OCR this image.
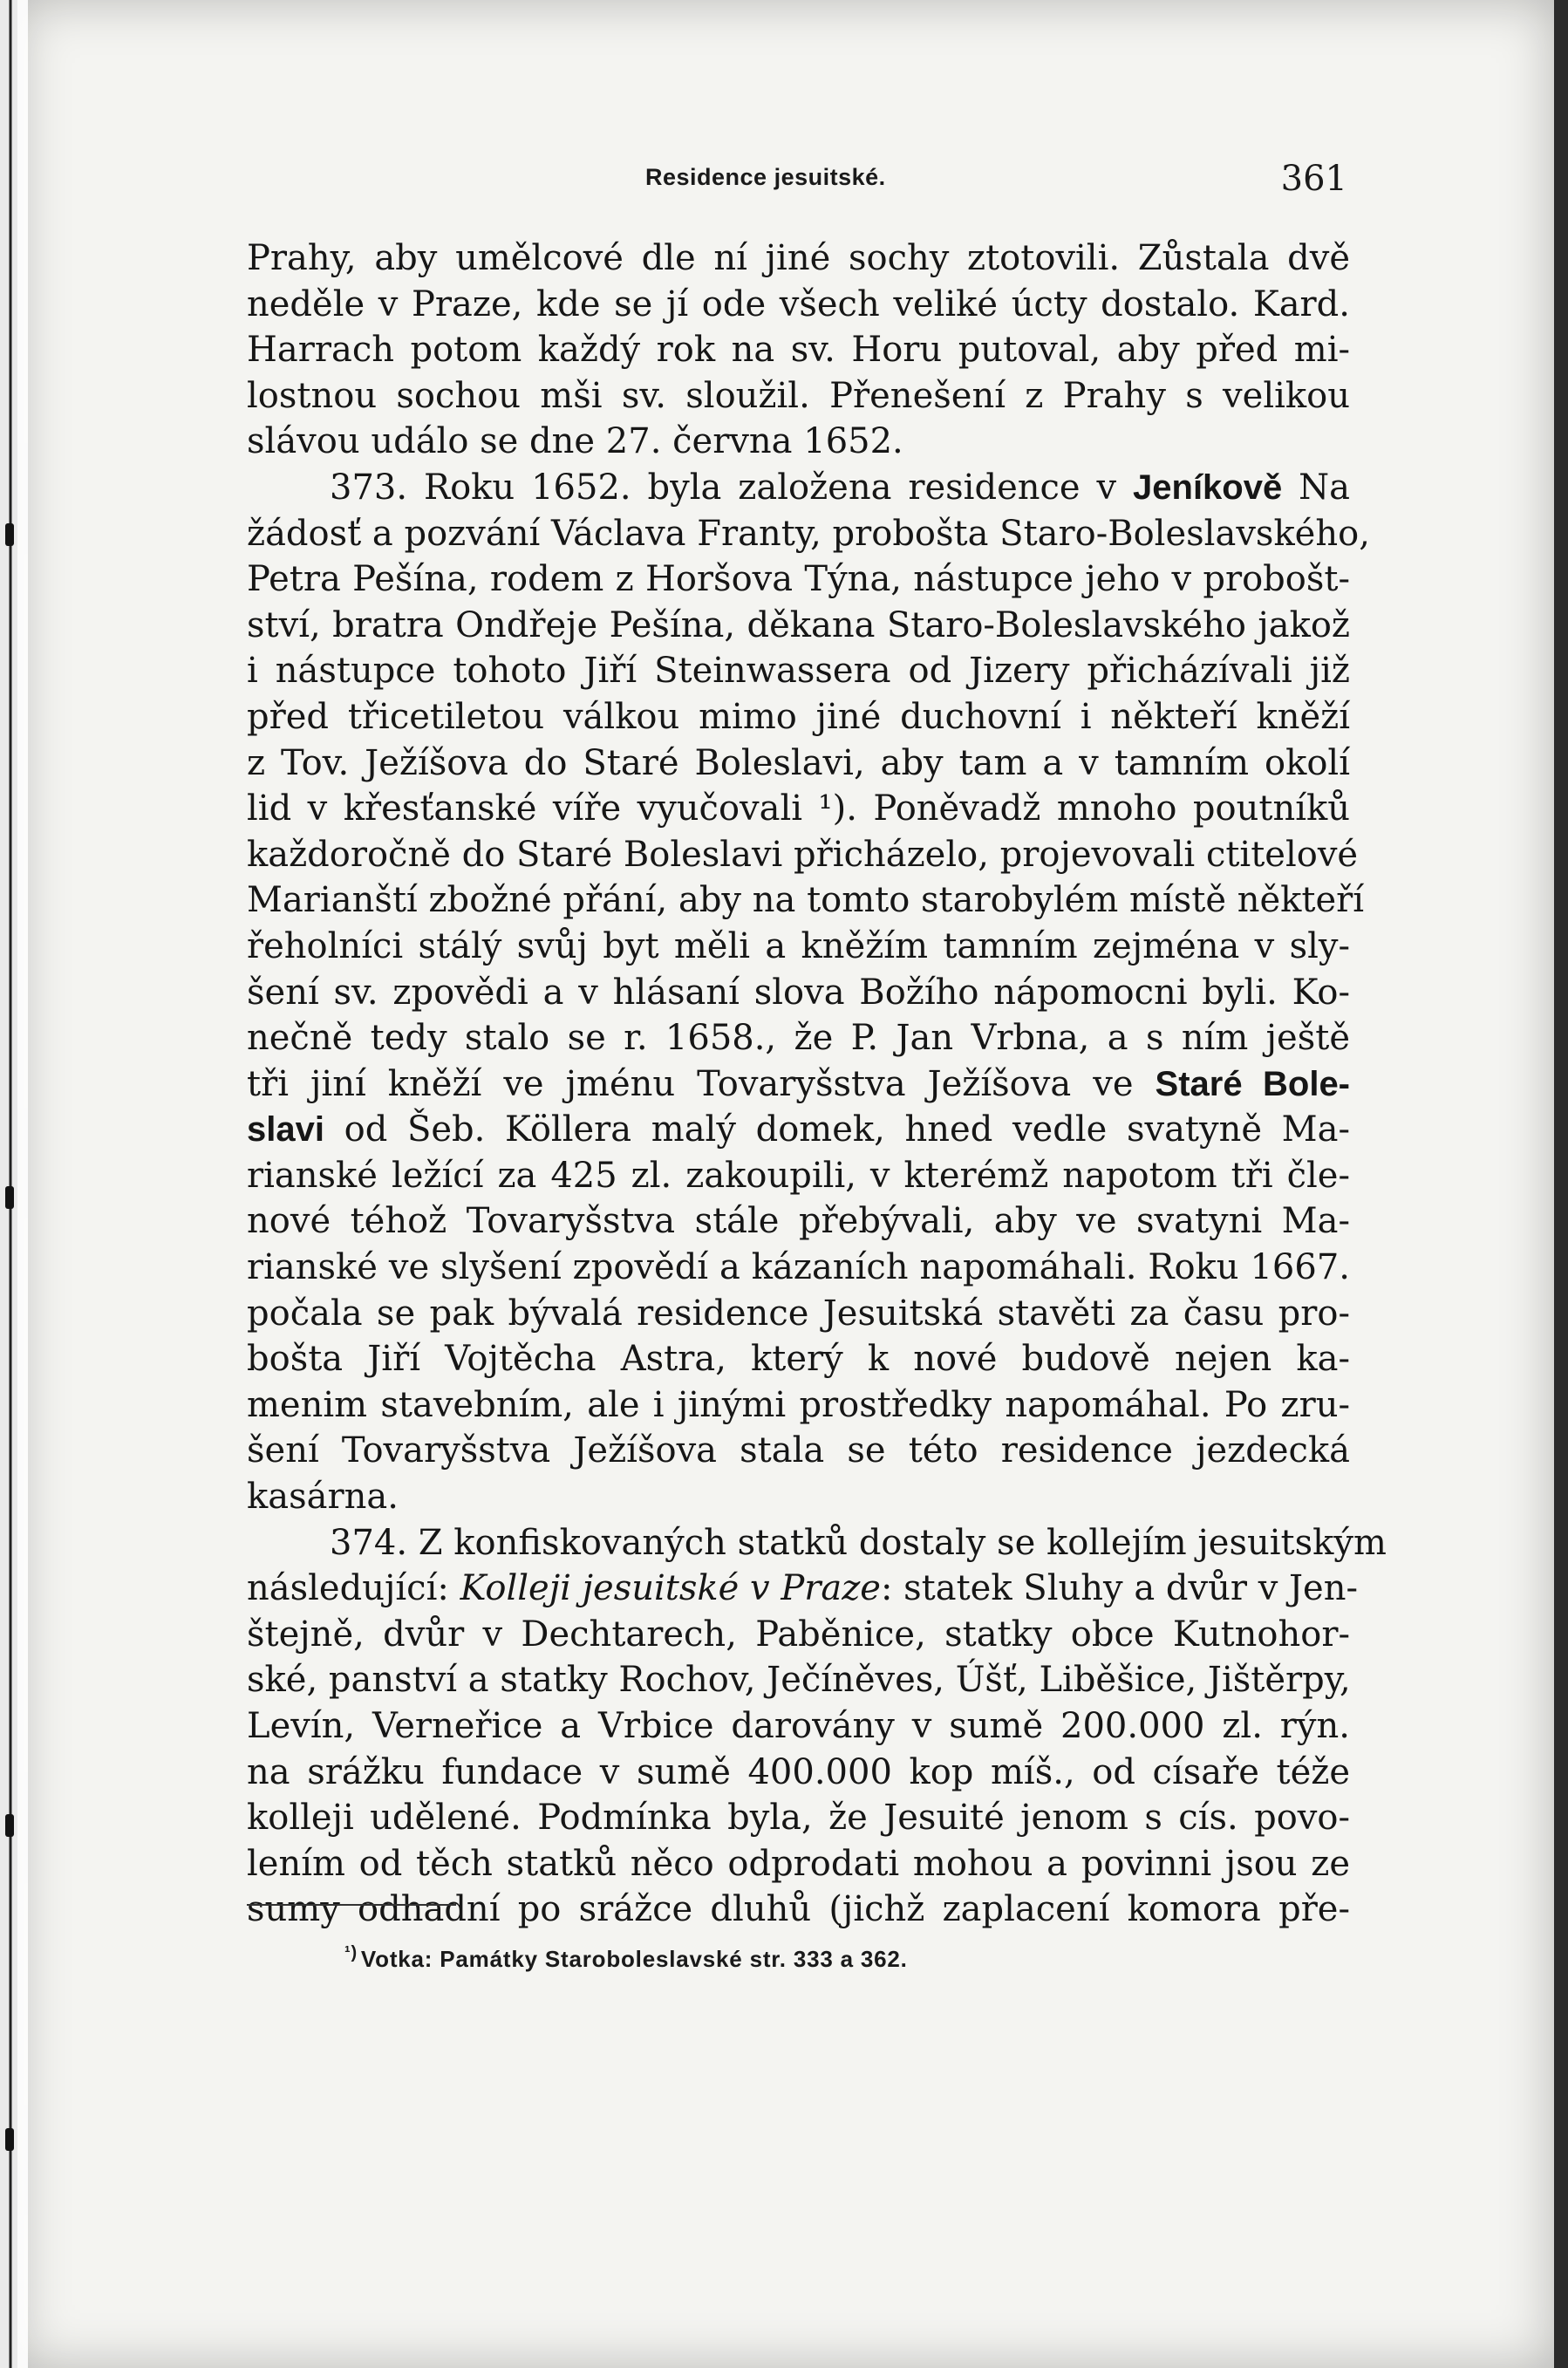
Residence jesuitské.	361
Prahy, aby umělcové dle ní jiné sochy ztotovili. Zůstala dvě
neděle v Praze, kde se jí ode všech veliké úcty dostalo. Kard.
Harrach potom každý rok na sv. Horu putoval, aby před mi-
lostnou sochou mši sv. sloužil. Přenešení z Prahy s velikou
slávou událo se dne 27. června 1652.
373. Roku 1652. byla založena residence v Jeníkově Na
žádosť a pozvání Václava Franty, probošta Staro-Boleslavského,
Petra Pešína, rodem z Horšova Týna, nástupce jeho v probošt-
ství, bratra Ondřeje Pešína, děkana Staro-Boleslavského jakož
i nástupce tohoto Jiří Steinwassera od Jizery přicházívali již
před třicetiletou válkou mimo jiné duchovní i někteří kněží
z Tov. Ježíšova do Staré Boleslavi, aby tam a v tamním okolí
lid v křesťanské víře vyučovali ¹). Poněvadž mnoho poutníků
každoročně do Staré Boleslavi přicházelo, projevovali ctitelové
Marianští zbožné přání, aby na tomto starobylém místě někteří
řeholníci stálý svůj byt měli a kněžím tamním zejména v sly-
šení sv. zpovědi a v hlásaní slova Božího nápomocni byli. Ko-
nečně tedy stalo se r. 1658., že P. Jan Vrbna, a s ním ještě
tři jiní kněží ve jménu Tovaryšstva Ježíšova ve Staré Bole-
slavi od Šeb. Köllera malý domek, hned vedle svatyně Ma-
rianské ležící za 425 zl. zakoupili, v kterémž napotom tři čle-
nové téhož Tovaryšstva stále přebývali, aby ve svatyni Ma-
rianské ve slyšení zpovědí a kázaních napomáhali. Roku 1667.
počala se pak bývalá residence Jesuitská stavěti za času pro-
bošta Jiří Vojtěcha Astra, který k nové budově nejen ka-
menim stavebním, ale i jinými prostředky napomáhal. Po zru-
šení Tovaryšstva Ježíšova stala se této residence jezdecká
kasárna.
374. Z konfiskovaných statků dostaly se kollejím jesuitským
následující: Kolleji jesuitské v Praze: statek Sluhy a dvůr v Jen-
štejně, dvůr v Dechtarech, Paběnice, statky obce Kutnohor-
ské, panství a statky Rochov, Ječíněves, Úšť, Liběšice, Jištěrpy,
Levín, Verneřice a Vrbice darovány v sumě 200.000 zl. rýn.
na srážku fundace v sumě 400.000 kop míš., od císaře téže
kolleji udělené. Podmínka byla, že Jesuité jenom s cís. povo-
lením od těch statků něco odprodati mohou a povinni jsou ze
sumy odhadní po srážce dluhů (jichž zaplacení komora pře-
$^{^1)}$ Votka: Památky Staroboleslavské str. 333 a 362.
